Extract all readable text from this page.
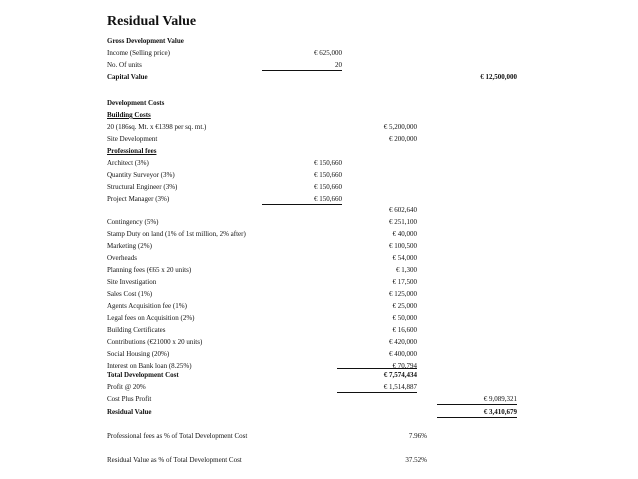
Residual Value
Gross Development Value
Income (Selling price)	€ 625,000
No. Of units	20
Capital Value	€ 12,500,000
Development Costs
Building Costs
20 (186sq. Mt. x €1398 per sq. mt.)	€ 5,200,000
Site Development	€ 200,000
Professional fees
Architect (3%)	€ 150,660
Quantity Surveyor (3%)	€ 150,660
Structural Engineer (3%)	€ 150,660
Project Manager (3%)	€ 150,660
€ 602,640
Contingency (5%)	€ 251,100
Stamp Duty on land (1% of 1st million, 2% after)	€ 40,000
Marketing (2%)	€ 100,500
Overheads	€ 54,000
Planning fees (€65 x 20 units)	€ 1,300
Site Investigation	€ 17,500
Sales Cost (1%)	€ 125,000
Agents Acquisition fee (1%)	€ 25,000
Legal fees on Acquisition (2%)	€ 50,000
Building Certificates	€ 16,600
Contributions (€21000 x 20 units)	€ 420,000
Social Housing (20%)	€ 400,000
Interest on Bank loan (8.25%)	€ 70,794
Total Development Cost	€ 7,574,434
Profit @ 20%	€ 1,514,887
Cost Plus Profit	€ 9,089,321
Residual Value	€ 3,410,679
Professional fees as % of Total Development Cost	7.96%
Residual Value as % of Total Development Cost	37.52%
